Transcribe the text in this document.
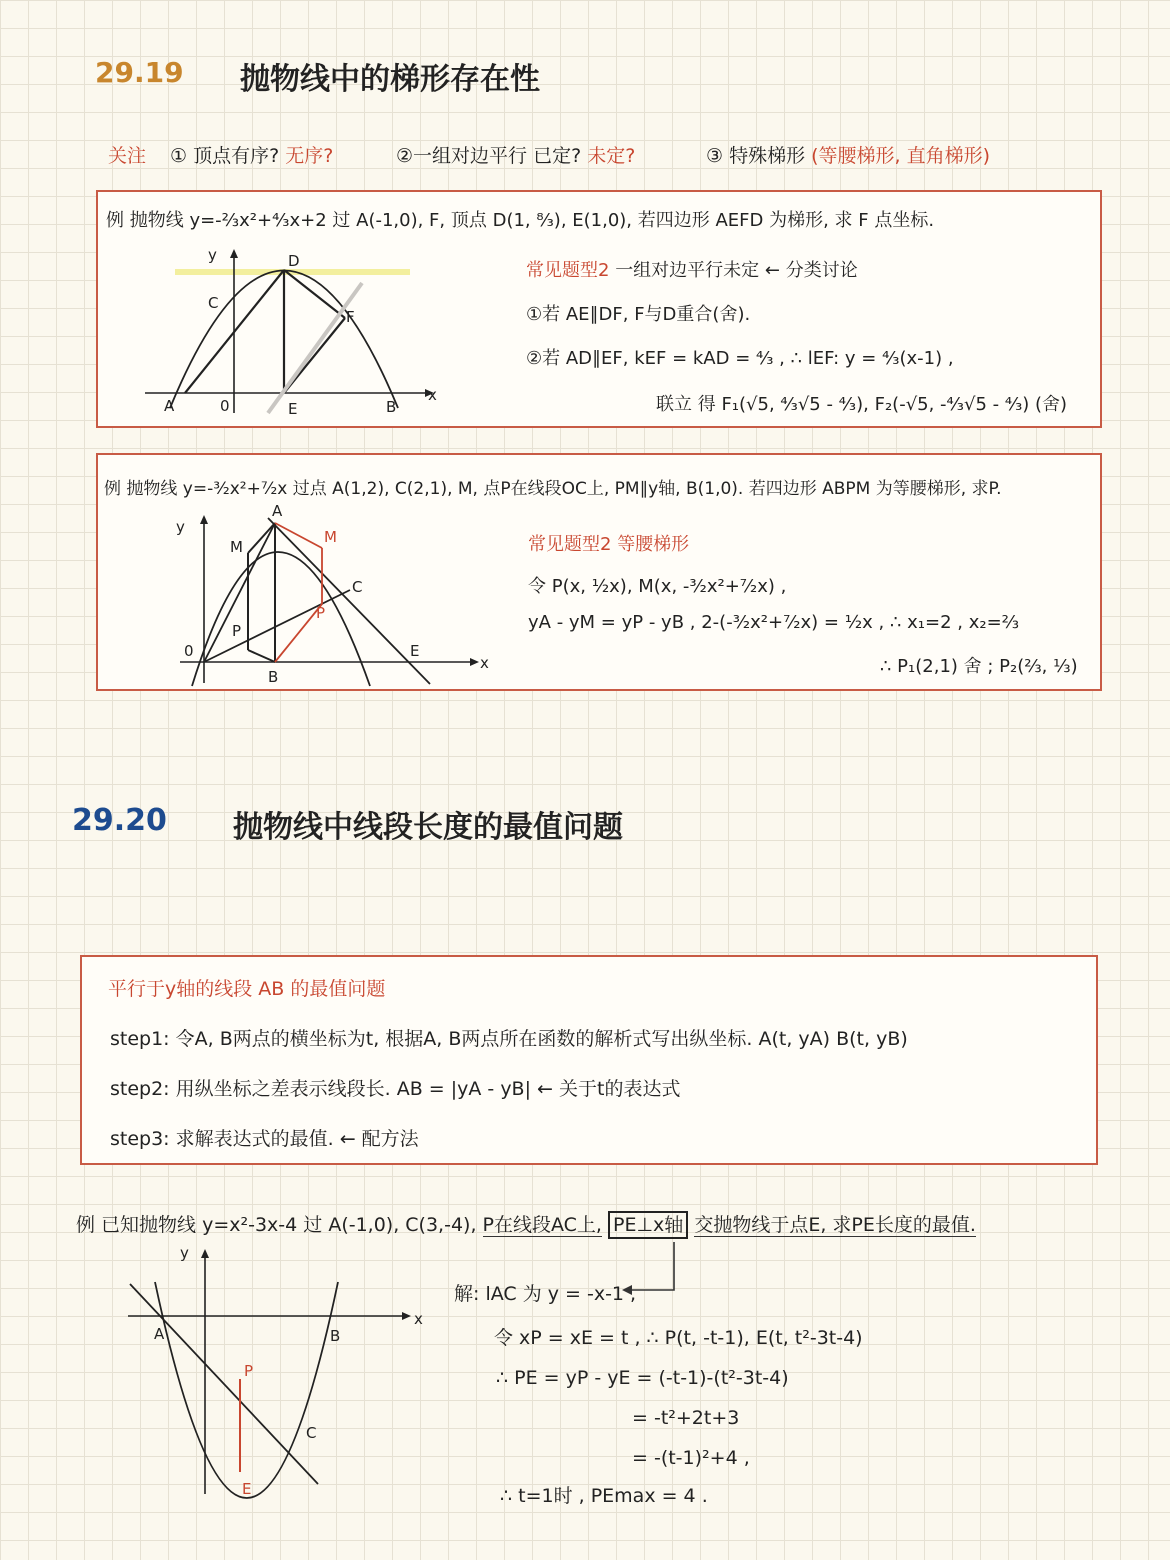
29.19 抛物线中的梯形存在性
关注 ① 顶点有序? 无序?	②一组对边平行 已定? 未定?	③ 特殊梯形 (等腰梯形, 直角梯形)
例 抛物线 y=-⅔x²+⁴⁄₃x+2 过 A(-1,0), F, 顶点 D(1, ⁸⁄₃), E(1,0), 若四边形 AEFD 为梯形, 求 F 点坐标.
y
x
D
C
F
A	0	E	B
常见题型2 一组对边平行未定 ← 分类讨论
①若 AE∥DF, F与D重合(舍).
②若 AD∥EF, kEF = kAD = ⁴⁄₃ , ∴ lEF: y = ⁴⁄₃(x-1) ,
联立 得 F₁(√5, ⁴⁄₃√5 - ⁴⁄₃), F₂(-√5, -⁴⁄₃√5 - ⁴⁄₃) (舍)
例 抛物线 y=-³⁄₂x²+⁷⁄₂x 过点 A(1,2), C(2,1), M, 点P在线段OC上, PM∥y轴, B(1,0). 若四边形 ABPM 为等腰梯形, 求P.
y
x
A
M
M
C
P
P
0
B
E
常见题型2 等腰梯形
令 P(x, ½x), M(x, -³⁄₂x²+⁷⁄₂x) ,
yA - yM = yP - yB , 2-(-³⁄₂x²+⁷⁄₂x) = ½x , ∴ x₁=2 , x₂=⅔
∴ P₁(2,1) 舍 ; P₂(⅔, ⅓)
29.20 抛物线中线段长度的最值问题
平行于y轴的线段 AB 的最值问题
step1: 令A, B两点的横坐标为t, 根据A, B两点所在函数的解析式写出纵坐标. A(t, yA) B(t, yB)
step2: 用纵坐标之差表示线段长. AB = |yA - yB| ← 关于t的表达式
step3: 求解表达式的最值. ← 配方法
例 已知抛物线 y=x²-3x-4 过 A(-1,0), C(3,-4), P在线段AC上, PE⊥x轴 交抛物线于点E, 求PE长度的最值.
y
x
A	B
P
C
E
解: lAC 为 y = -x-1 ,
令 xP = xE = t , ∴ P(t, -t-1), E(t, t²-3t-4)
∴ PE = yP - yE = (-t-1)-(t²-3t-4)
= -t²+2t+3
= -(t-1)²+4 ,
∴ t=1时 , PEmax = 4 .
